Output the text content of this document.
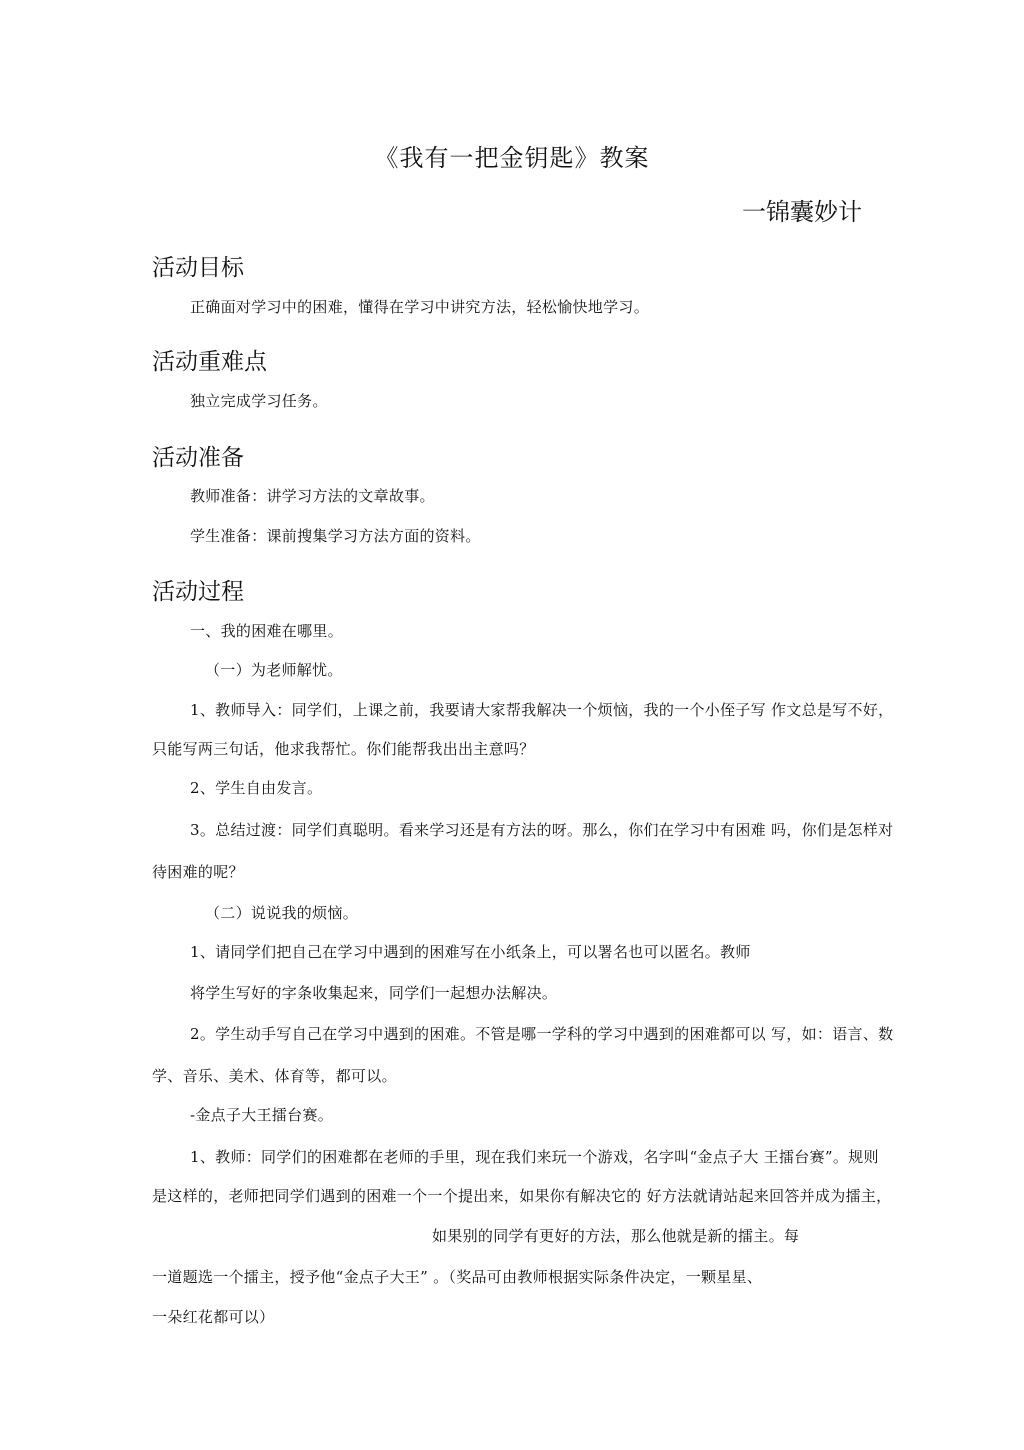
《我有一把金钥匙》教案

一锦囊妙计

活动目标

正确面对学习中的困难，懂得在学习中讲究方法，轻松愉快地学习。

活动重难点

独立完成学习任务。

活动准备

教师准备：讲学习方法的文章故事。

学生准备：课前搜集学习方法方面的资料。

活动过程

一、我的困难在哪里。

（一）为老师解忧。

1、教师导入：同学们，上课之前，我要请大家帮我解决一个烦恼，我的一个小侄子写 作文总是写不好，

只能写两三句话，他求我帮忙。你们能帮我出出主意吗？

2、学生自由发言。

3。总结过渡：同学们真聪明。看来学习还是有方法的呀。那么，你们在学习中有困难 吗，你们是怎样对

待困难的呢？

（二）说说我的烦恼。

1、请同学们把自己在学习中遇到的困难写在小纸条上，可以署名也可以匿名。教师

将学生写好的字条收集起来，同学们一起想办法解决。

2。学生动手写自己在学习中遇到的困难。不管是哪一学科的学习中遇到的困难都可以 写，如：语言、数

学、音乐、美术、体育等，都可以。

-金点子大王擂台赛。

1、教师：同学们的困难都在老师的手里，现在我们来玩一个游戏，名字叫“金点子大 王擂台赛”。规则

是这样的，老师把同学们遇到的困难一个一个提出来，如果你有解决它的 好方法就请站起来回答并成为擂主，

如果别的同学有更好的方法，那么他就是新的擂主。每

一道题选一个擂主，授予他“金点子大王” 。（奖品可由教师根据实际条件决定，一颗星星、

一朵红花都可以）
